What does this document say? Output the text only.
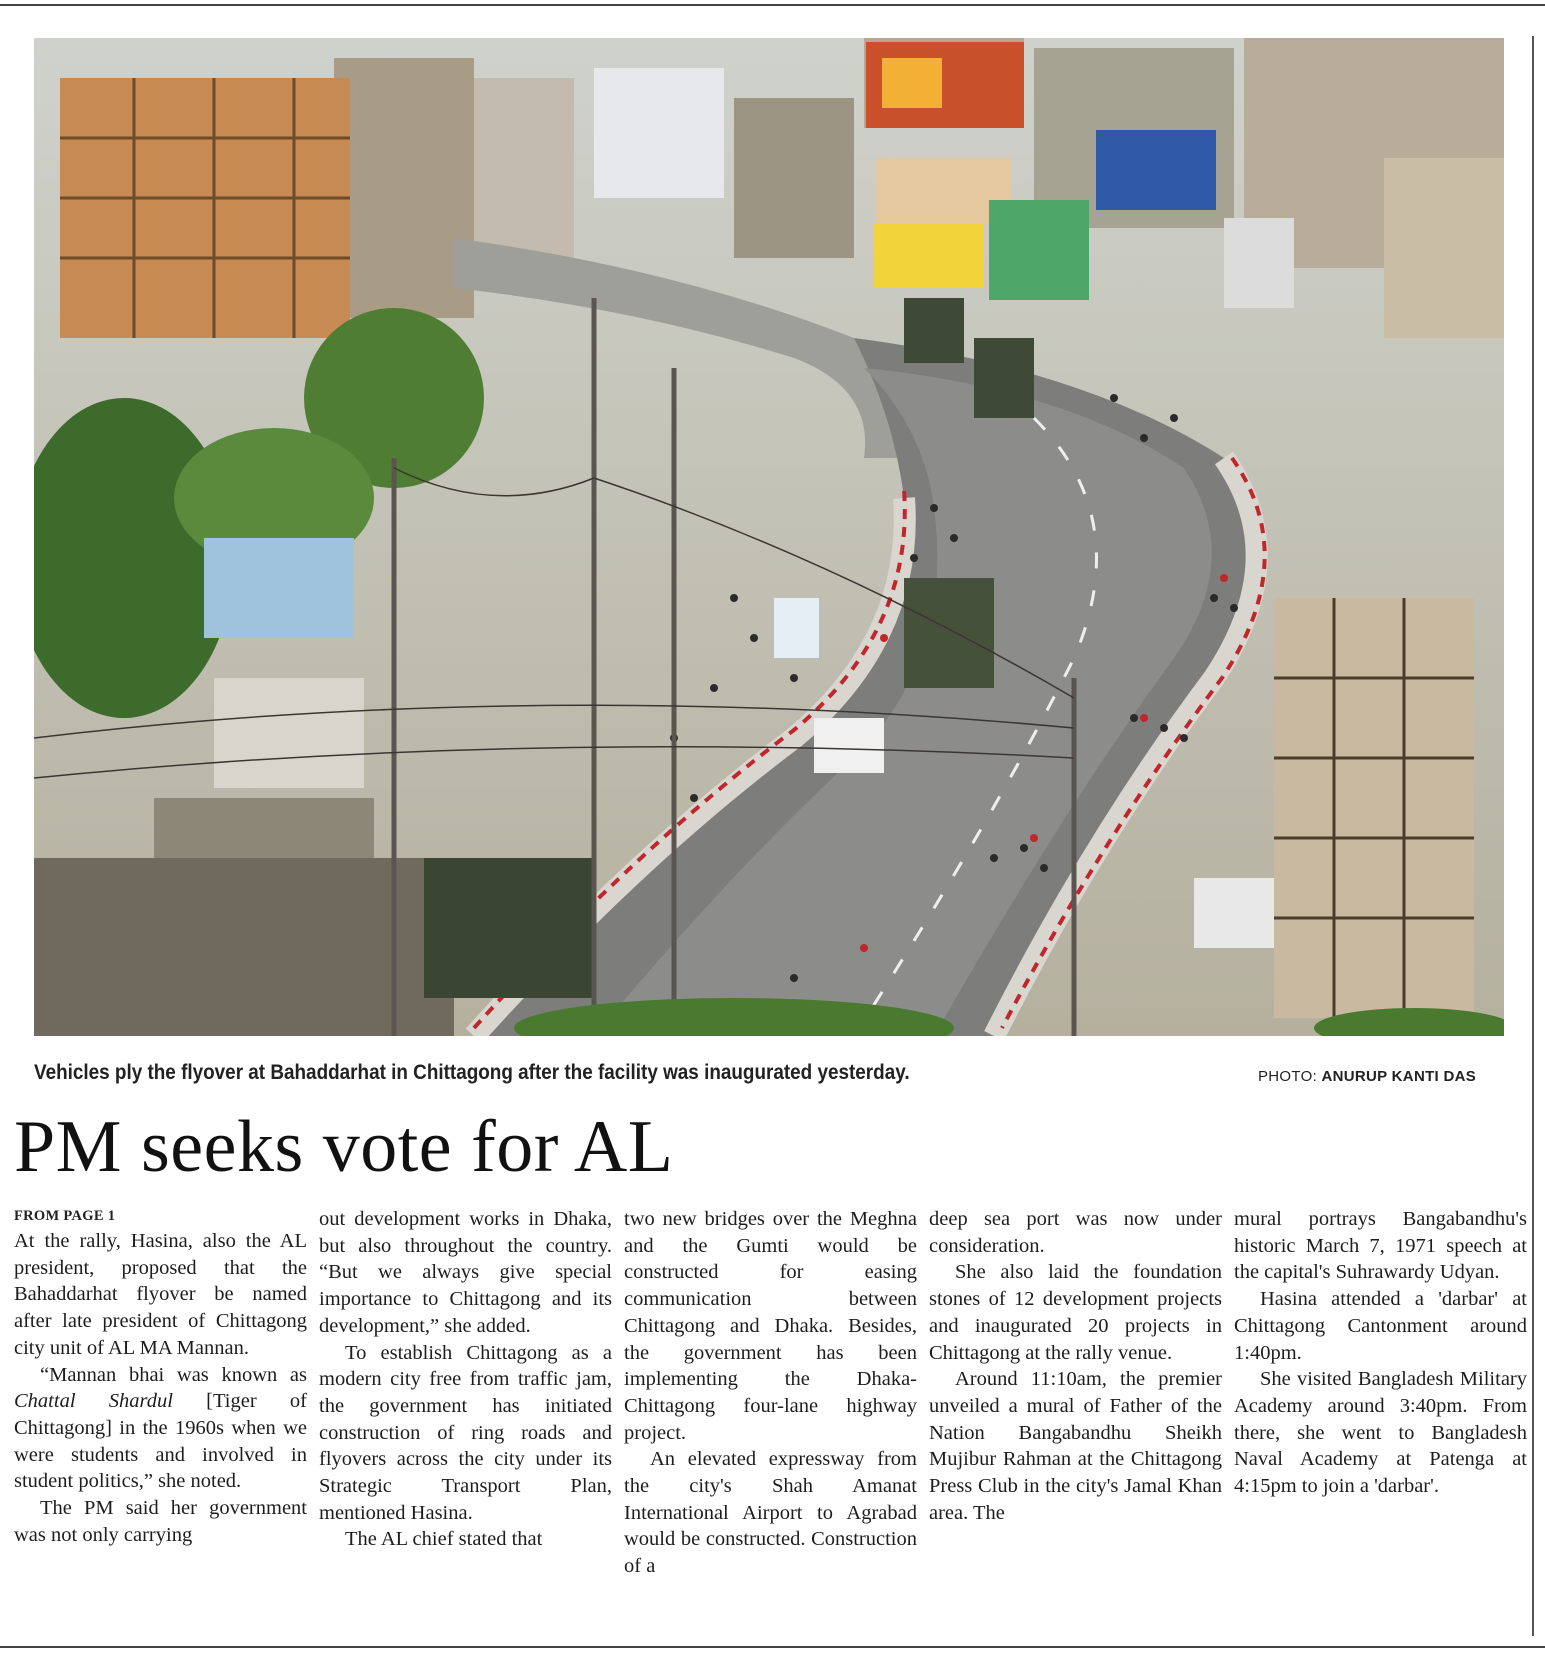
Vehicles ply the flyover at Bahaddarhat in Chittagong after the facility was inaugurated yesterday.	PHOTO: ANURUP KANTI DAS
PM seeks vote for AL
FROM PAGE 1

At the rally, Hasina, also the AL president, proposed that the Bahaddarhat flyover be named after late president of Chittagong city unit of AL MA Mannan.

“Mannan bhai was known as Chattal Shardul [Tiger of Chittagong] in the 1960s when we were students and involved in student politics,” she noted.

The PM said her government was not only carrying

out development works in Dhaka, but also throughout the country. “But we always give special importance to Chittagong and its development,” she added.

To establish Chittagong as a modern city free from traffic jam, the government has initiated construction of ring roads and flyovers across the city under its Strategic Transport Plan, mentioned Hasina.

The AL chief stated that

two new bridges over the Meghna and the Gumti would be constructed for easing communication between Chittagong and Dhaka. Besides, the government has been implementing the Dhaka-Chittagong four-lane highway project.

An elevated expressway from the city's Shah Amanat International Airport to Agrabad would be constructed. Construction of a

deep sea port was now under consideration.

She also laid the foundation stones of 12 development projects and inaugurated 20 projects in Chittagong at the rally venue.

Around 11:10am, the premier unveiled a mural of Father of the Nation Bangabandhu Sheikh Mujibur Rahman at the Chittagong Press Club in the city's Jamal Khan area. The

mural portrays Bangabandhu's historic March 7, 1971 speech at the capital's Suhrawardy Udyan.

Hasina attended a 'darbar' at Chittagong Cantonment around 1:40pm.

She visited Bangladesh Military Academy around 3:40pm. From there, she went to Bangladesh Naval Academy at Patenga at 4:15pm to join a 'darbar'.
